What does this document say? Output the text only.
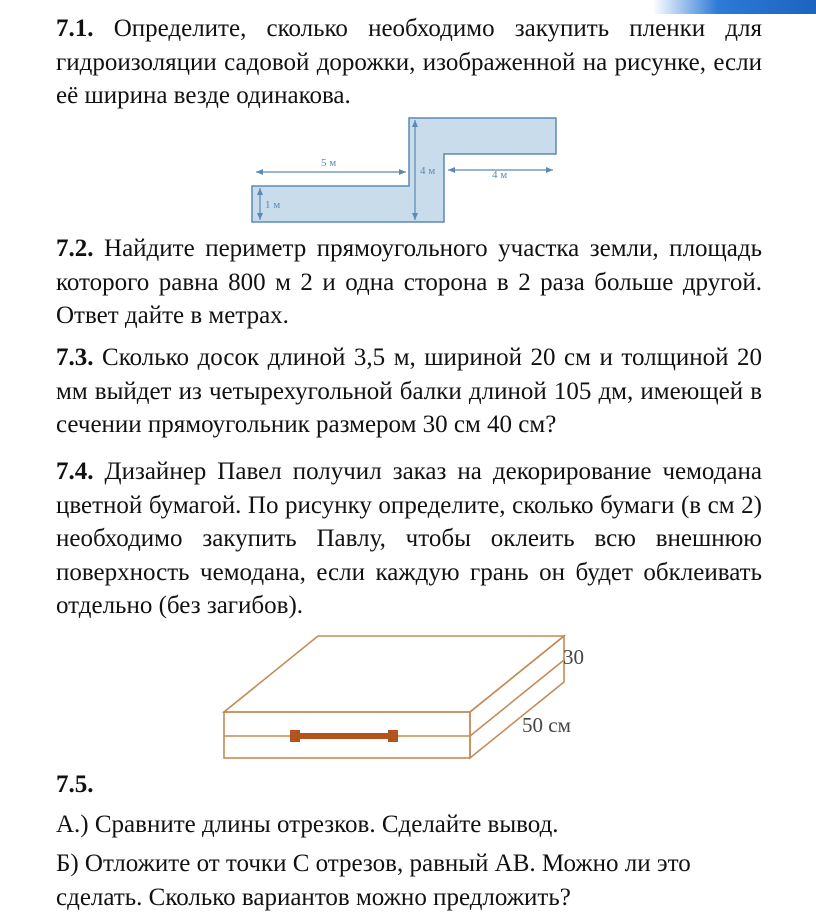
7.1. Определите, сколько необходимо закупить пленки для гидроизоляции садовой дорожки, изображенной на рисунке, если её ширина везде одинакова.

5 м
4 м	4 м
1 м

7.2. Найдите периметр прямоугольного участка земли, площадь которого равна 800 м 2 и одна сторона в 2 раза больше другой. Ответ дайте в метрах.

7.3. Сколько досок длиной 3,5 м, шириной 20 см и толщиной 20 мм выйдет из четырехугольной балки длиной 105 дм, имеющей в сечении прямоугольник размером 30 см 40 см?

7.4. Дизайнер Павел получил заказ на декорирование чемодана цветной бумагой. По рисунку определите, сколько бумаги (в см 2) необходимо закупить Павлу, чтобы оклеить всю внешнюю поверхность чемодана, если каждую грань он будет обклеивать отдельно (без загибов).

30
50 см

7.5.

А.) Сравните длины отрезков. Сделайте вывод.

Б) Отложите от точки С отрезов, равный АВ. Можно ли это сделать. Сколько вариантов можно предложить?
